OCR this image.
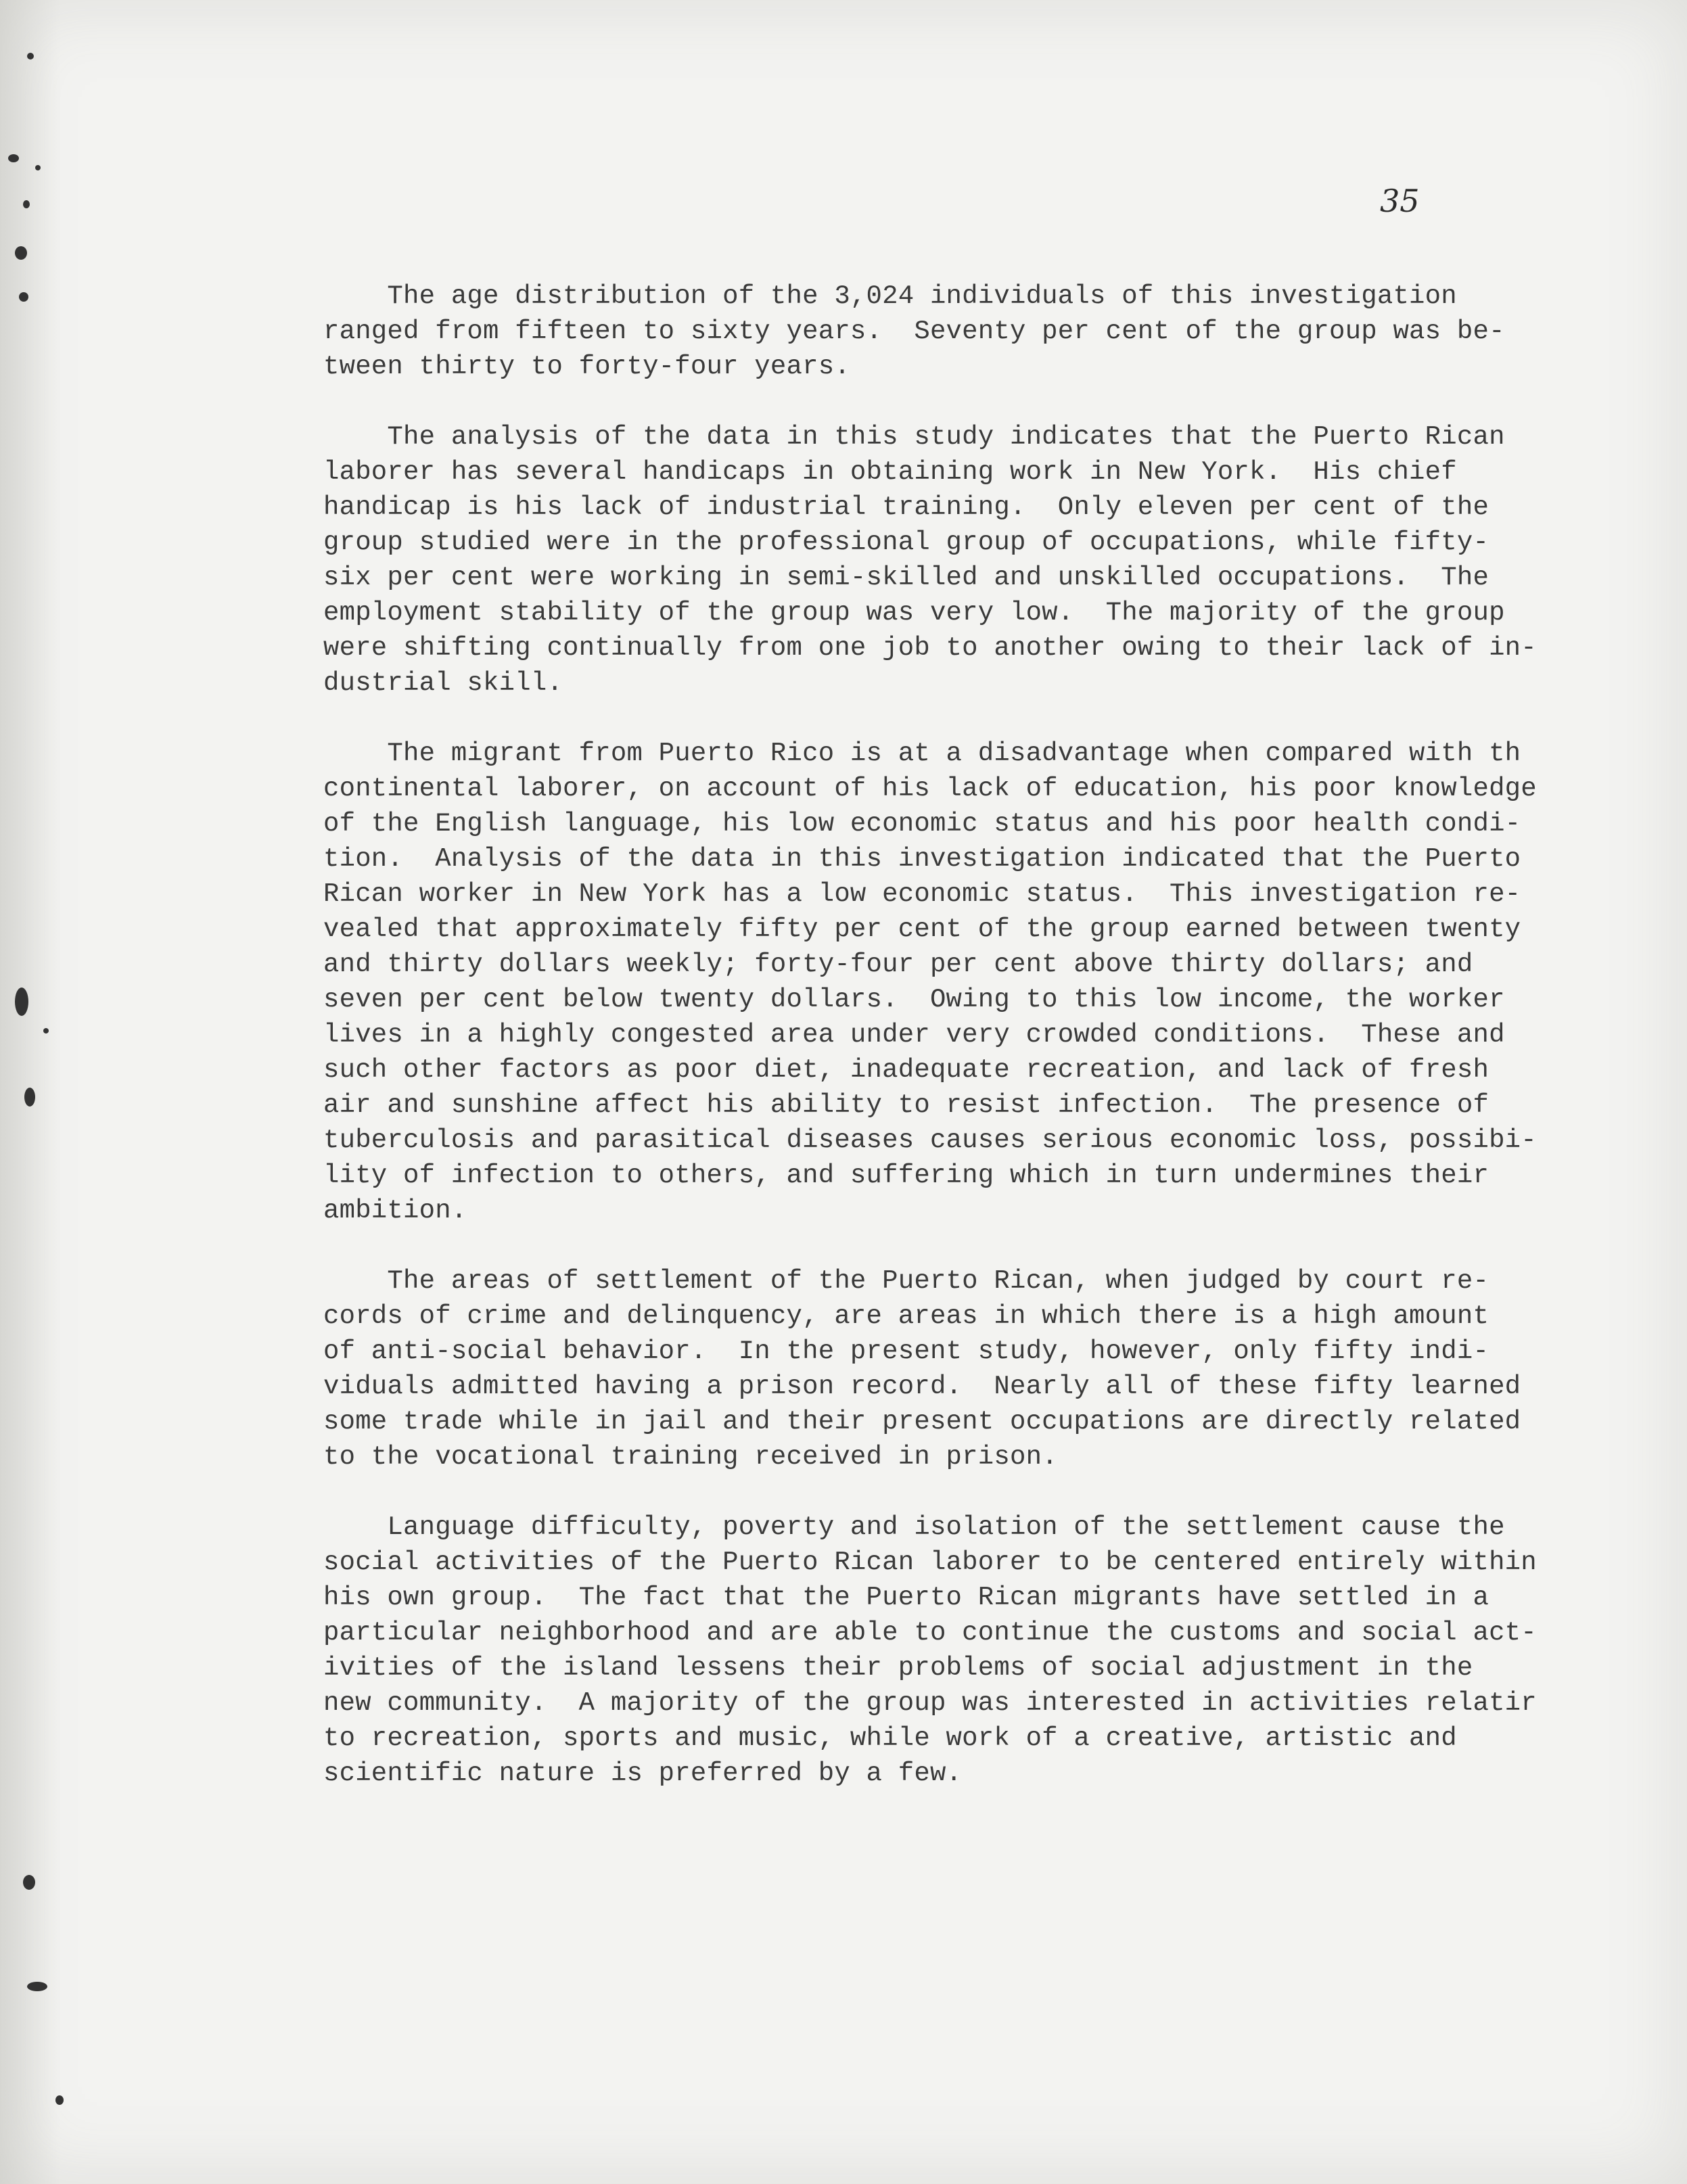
35
The age distribution of the 3,024 individuals of this investigation
ranged from fifteen to sixty years.  Seventy per cent of the group was be-
tween thirty to forty-four years.
The analysis of the data in this study indicates that the Puerto Rican
laborer has several handicaps in obtaining work in New York.  His chief
handicap is his lack of industrial training.  Only eleven per cent of the
group studied were in the professional group of occupations, while fifty-
six per cent were working in semi-skilled and unskilled occupations.  The
employment stability of the group was very low.  The majority of the group
were shifting continually from one job to another owing to their lack of in-
dustrial skill.
The migrant from Puerto Rico is at a disadvantage when compared with th
continental laborer, on account of his lack of education, his poor knowledge
of the English language, his low economic status and his poor health condi-
tion.  Analysis of the data in this investigation indicated that the Puerto
Rican worker in New York has a low economic status.  This investigation re-
vealed that approximately fifty per cent of the group earned between twenty
and thirty dollars weekly; forty-four per cent above thirty dollars; and
seven per cent below twenty dollars.  Owing to this low income, the worker
lives in a highly congested area under very crowded conditions.  These and
such other factors as poor diet, inadequate recreation, and lack of fresh
air and sunshine affect his ability to resist infection.  The presence of
tuberculosis and parasitical diseases causes serious economic loss, possibi-
lity of infection to others, and suffering which in turn undermines their
ambition.
The areas of settlement of the Puerto Rican, when judged by court re-
cords of crime and delinquency, are areas in which there is a high amount
of anti-social behavior.  In the present study, however, only fifty indi-
viduals admitted having a prison record.  Nearly all of these fifty learned
some trade while in jail and their present occupations are directly related
to the vocational training received in prison.
Language difficulty, poverty and isolation of the settlement cause the
social activities of the Puerto Rican laborer to be centered entirely within
his own group.  The fact that the Puerto Rican migrants have settled in a
particular neighborhood and are able to continue the customs and social act-
ivities of the island lessens their problems of social adjustment in the
new community.  A majority of the group was interested in activities relatir
to recreation, sports and music, while work of a creative, artistic and
scientific nature is preferred by a few.
